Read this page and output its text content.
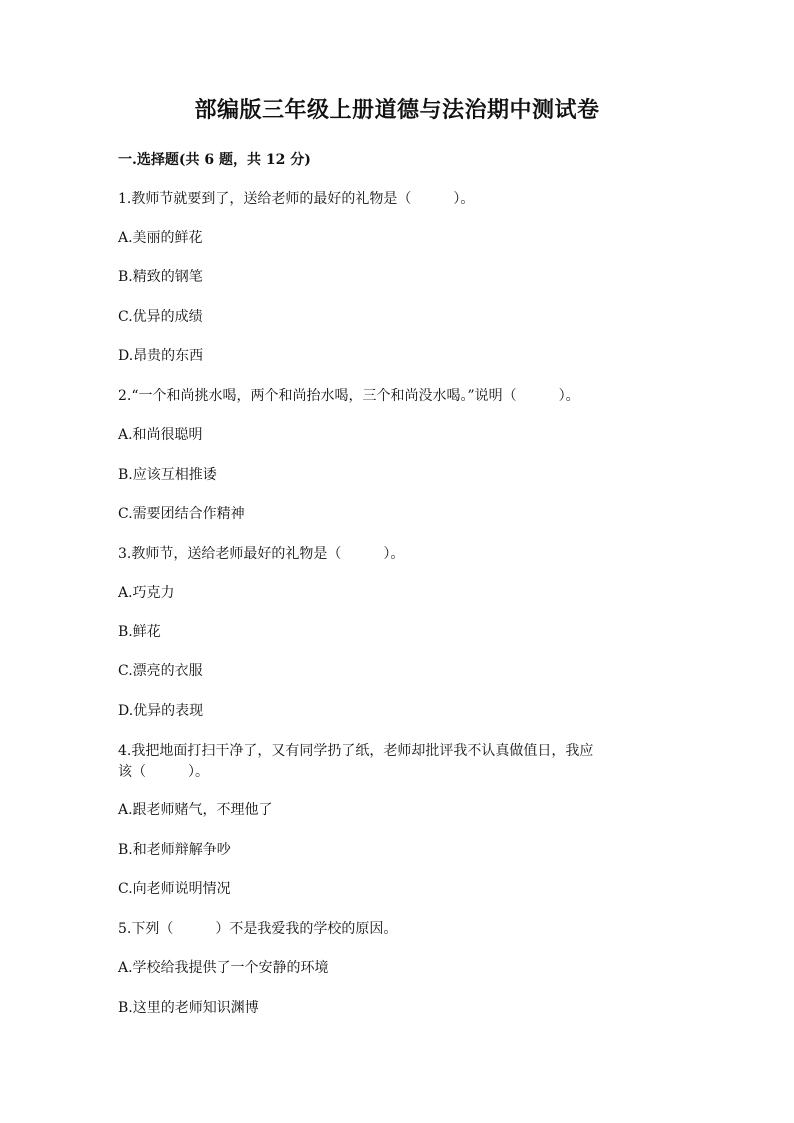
部编版三年级上册道德与法治期中测试卷
一.选择题(共 6 题，共 12 分)
1.教师节就要到了，送给老师的最好的礼物是（　　　）。
A.美丽的鲜花
B.精致的钢笔
C.优异的成绩
D.昂贵的东西
2.“一个和尚挑水喝，两个和尚抬水喝，三个和尚没水喝。”说明（　　　）。
A.和尚很聪明
B.应该互相推诿
C.需要团结合作精神
3.教师节，送给老师最好的礼物是（　　　）。
A.巧克力
B.鲜花
C.漂亮的衣服
D.优异的表现
4.我把地面打扫干净了，又有同学扔了纸，老师却批评我不认真做值日，我应
该（　　　）。
A.跟老师赌气，不理他了
B.和老师辩解争吵
C.向老师说明情况
5.下列（　　　）不是我爱我的学校的原因。
A.学校给我提供了一个安静的环境
B.这里的老师知识渊博
